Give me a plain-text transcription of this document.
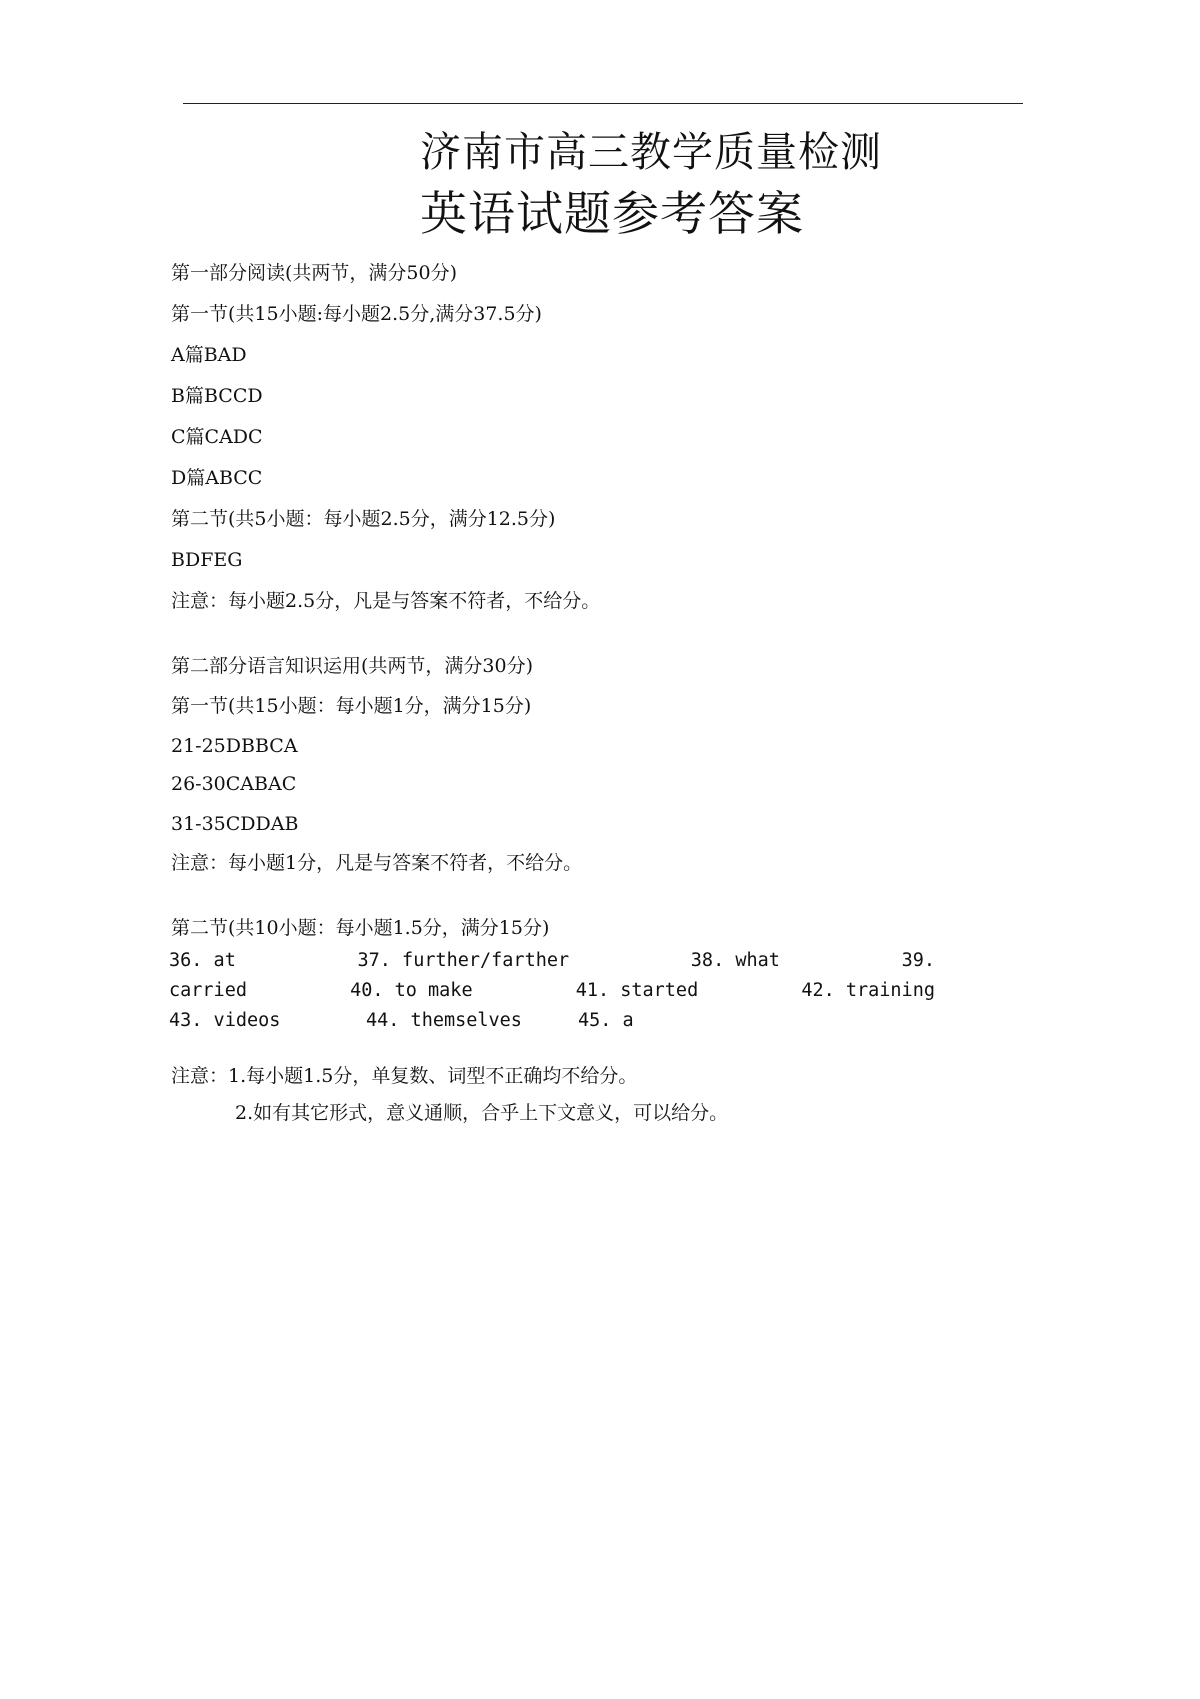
济南市高三教学质量检测
英语试题参考答案

第一部分阅读(共两节，满分50分)

第一节(共15小题:每小题2.5分,满分37.5分)

A篇BAD

B篇BCCD

C篇CADC

D篇ABCC

第二节(共5小题：每小题2.5分，满分12.5分)

BDFEG

注意：每小题2.5分，凡是与答案不符者，不给分。

第二部分语言知识运用(共两节，满分30分)

第一节(共15小题：每小题1分，满分15分)

21-25DBBCA

26-30CABAC

31-35CDDAB

注意：每小题1分，凡是与答案不符者，不给分。

第二节(共10小题：每小题1.5分，满分15分)

36. at	37. further/farther	38. what	39.
carried	40. to make	41. started	42. training
43. videos	44. themselves	45. a

注意：1.每小题1.5分，单复数、词型不正确均不给分。

2.如有其它形式，意义通顺，合乎上下文意义，可以给分。
